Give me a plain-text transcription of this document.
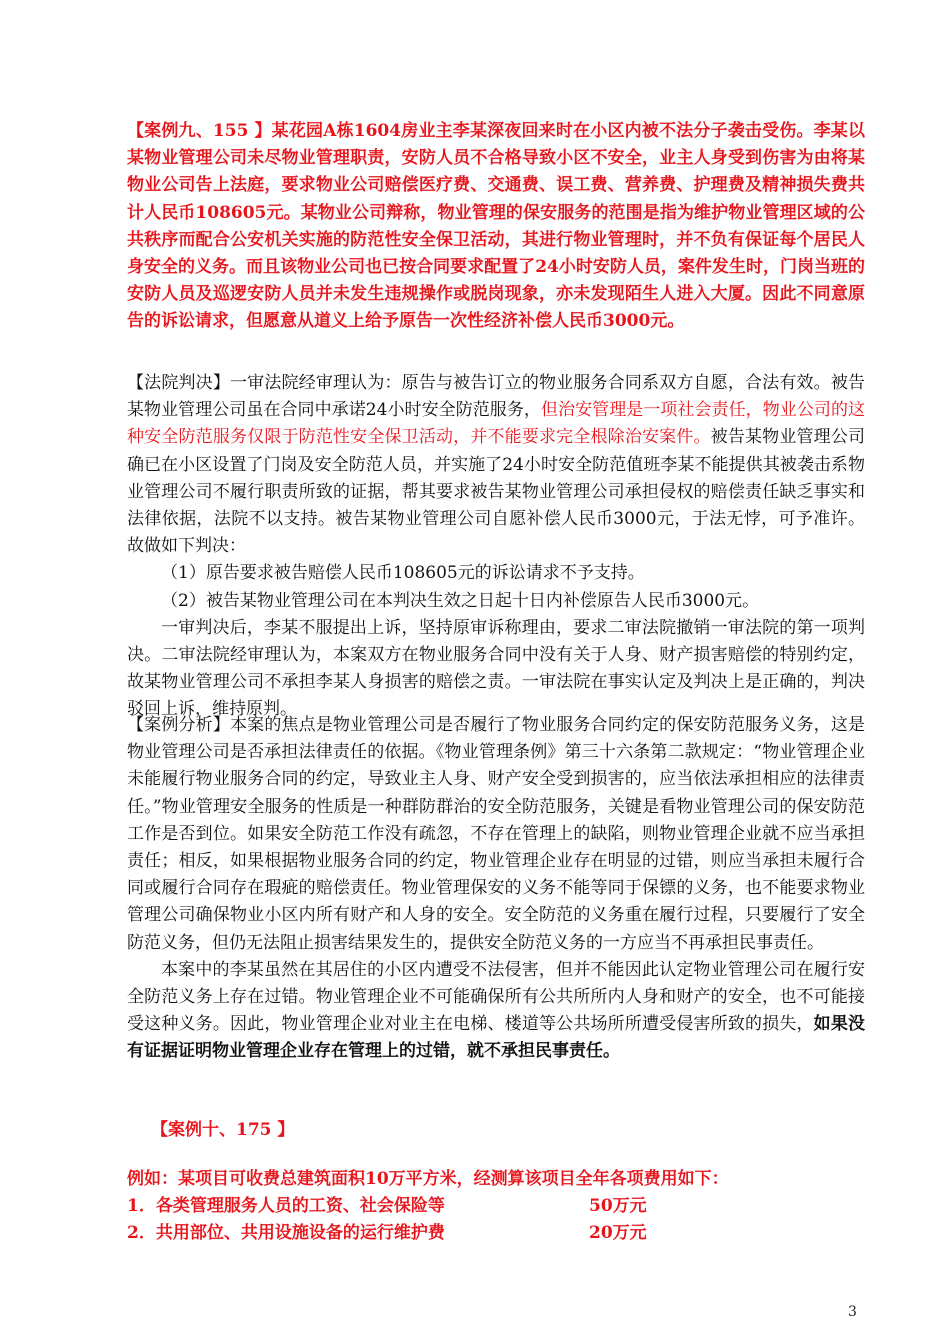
【案例九、155 】某花园A栋1604房业主李某深夜回来时在小区内被不法分子袭击受伤。李某以某物业管理公司未尽物业管理职责，安防人员不合格导致小区不安全，业主人身受到伤害为由将某物业公司告上法庭，要求物业公司赔偿医疗费、交通费、误工费、营养费、护理费及精神损失费共计人民币108605元。某物业公司辩称，物业管理的保安服务的范围是指为维护物业管理区域的公共秩序而配合公安机关实施的防范性安全保卫活动，其进行物业管理时，并不负有保证每个居民人身安全的义务。而且该物业公司也已按合同要求配置了24小时安防人员，案件发生时，门岗当班的安防人员及巡逻安防人员并未发生违规操作或脱岗现象，亦未发现陌生人进入大厦。因此不同意原告的诉讼请求，但愿意从道义上给予原告一次性经济补偿人民币3000元。

【法院判决】一审法院经审理认为：原告与被告订立的物业服务合同系双方自愿，合法有效。被告某物业管理公司虽在合同中承诺24小时安全防范服务，但治安管理是一项社会责任，物业公司的这种安全防范服务仅限于防范性安全保卫活动，并不能要求完全根除治安案件。被告某物业管理公司确已在小区设置了门岗及安全防范人员，并实施了24小时安全防范值班李某不能提供其被袭击系物业管理公司不履行职责所致的证据，帮其要求被告某物业管理公司承担侵权的赔偿责任缺乏事实和法律依据，法院不以支持。被告某物业管理公司自愿补偿人民币3000元，于法无悖，可予准许。故做如下判决：

（1）原告要求被告赔偿人民币108605元的诉讼请求不予支持。

（2）被告某物业管理公司在本判决生效之日起十日内补偿原告人民币3000元。

一审判决后，李某不服提出上诉，坚持原审诉称理由，要求二审法院撤销一审法院的第一项判决。二审法院经审理认为，本案双方在物业服务合同中没有关于人身、财产损害赔偿的特别约定，故某物业管理公司不承担李某人身损害的赔偿之责。一审法院在事实认定及判决上是正确的，判决驳回上诉，维持原判。

【案例分析】本案的焦点是物业管理公司是否履行了物业服务合同约定的保安防范服务义务，这是物业管理公司是否承担法律责任的依据。《物业管理条例》第三十六条第二款规定：“物业管理企业未能履行物业服务合同的约定，导致业主人身、财产安全受到损害的，应当依法承担相应的法律责任。”物业管理安全服务的性质是一种群防群治的安全防范服务，关键是看物业管理公司的保安防范工作是否到位。如果安全防范工作没有疏忽，不存在管理上的缺陷，则物业管理企业就不应当承担责任；相反，如果根据物业服务合同的约定，物业管理企业存在明显的过错，则应当承担未履行合同或履行合同存在瑕疵的赔偿责任。物业管理保安的义务不能等同于保镖的义务，也不能要求物业管理公司确保物业小区内所有财产和人身的安全。安全防范的义务重在履行过程，只要履行了安全防范义务，但仍无法阻止损害结果发生的，提供安全防范义务的一方应当不再承担民事责任。

本案中的李某虽然在其居住的小区内遭受不法侵害，但并不能因此认定物业管理公司在履行安全防范义务上存在过错。物业管理企业不可能确保所有公共所所内人身和财产的安全，也不可能接受这种义务。因此，物业管理企业对业主在电梯、楼道等公共场所所遭受侵害所致的损失，如果没有证据证明物业管理企业存在管理上的过错，就不承担民事责任。

【案例十、175 】
例如：某项目可收费总建筑面积10万平方米，经测算该项目全年各项费用如下：
1．各类管理服务人员的工资、社会保险等	50万元
2．共用部位、共用设施设备的运行维护费	20万元
3
